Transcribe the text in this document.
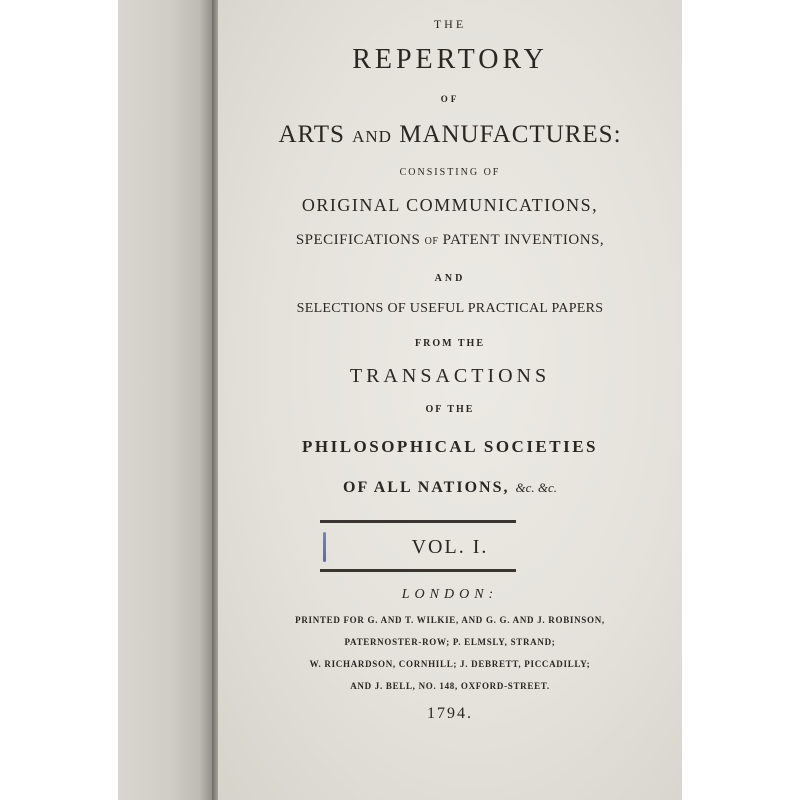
THE
REPERTORY
OF
ARTS AND MANUFACTURES:
CONSISTING OF
ORIGINAL COMMUNICATIONS,
SPECIFICATIONS OF PATENT INVENTIONS,
AND
SELECTIONS OF USEFUL PRACTICAL PAPERS
FROM THE
TRANSACTIONS
OF THE
PHILOSOPHICAL SOCIETIES
OF ALL NATIONS, &c. &c.
VOL. I.
LONDON:
PRINTED FOR G. AND T. WILKIE, AND G. G. AND J. ROBINSON,
PATERNOSTER-ROW; P. ELMSLY, STRAND;
W. RICHARDSON, CORNHILL; J. DEBRETT, PICCADILLY;
AND J. BELL, NO. 148, OXFORD-STREET.
1794.
